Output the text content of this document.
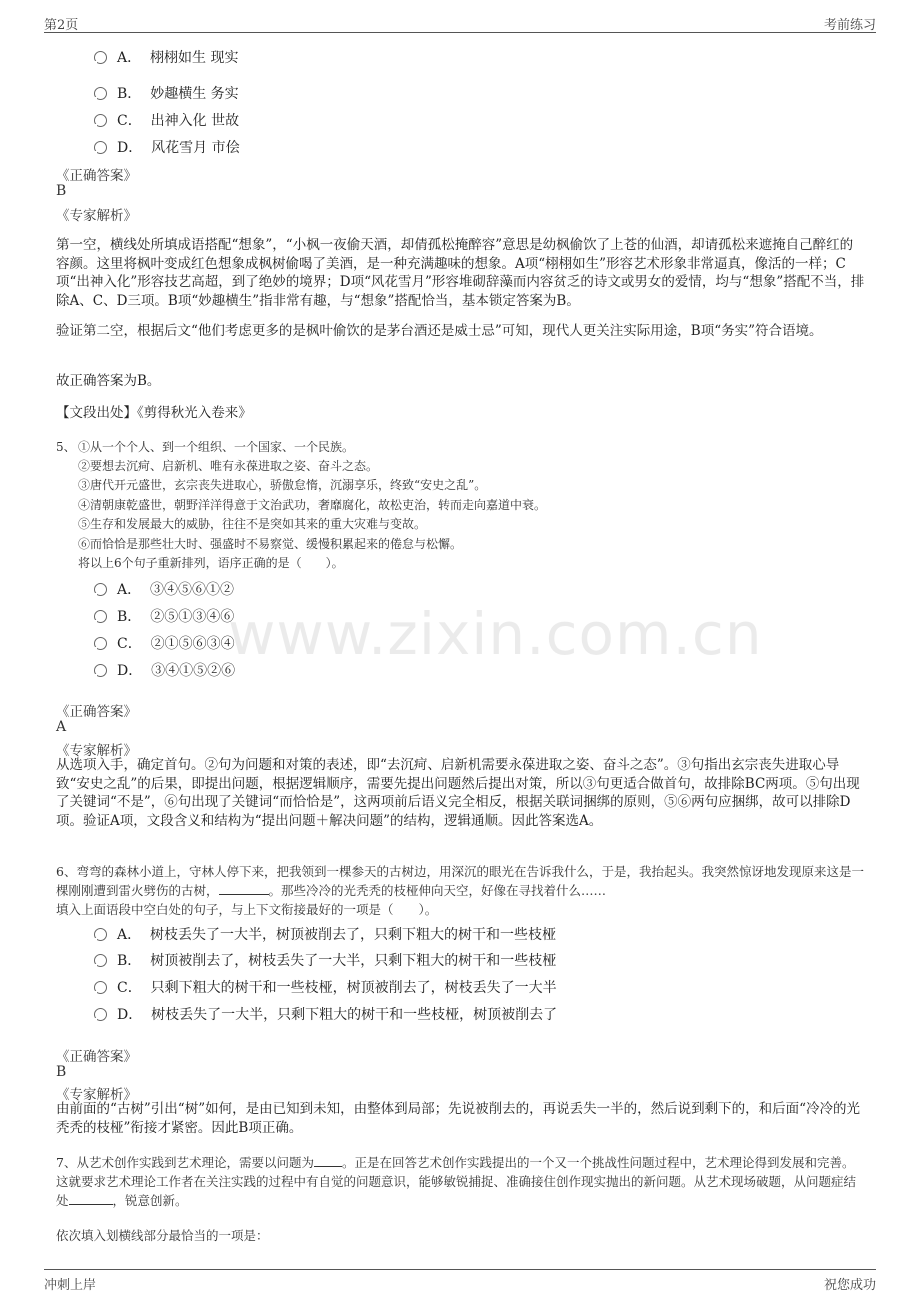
第2页	考前练习
www.zixin.com.cn
A． 栩栩如生 现实
B． 妙趣横生 务实
C． 出神入化 世故
D． 风花雪月 市侩
《正确答案》
B
《专家解析》
第一空，横线处所填成语搭配“想象”，“小枫一夜偷天酒，却倩孤松掩醉容”意思是幼枫偷饮了上苍的仙酒，却请孤松来遮掩自己醉红的容颜。这里将枫叶变成红色想象成枫树偷喝了美酒，是一种充满趣味的想象。A项“栩栩如生”形容艺术形象非常逼真，像活的一样；C项“出神入化”形容技艺高超，到了绝妙的境界；D项“风花雪月”形容堆砌辞藻而内容贫乏的诗文或男女的爱情，均与“想象”搭配不当，排除A、C、D三项。B项“妙趣横生”指非常有趣，与“想象”搭配恰当，基本锁定答案为B。
验证第二空，根据后文“他们考虑更多的是枫叶偷饮的是茅台酒还是威士忌”可知，现代人更关注实际用途，B项“务实”符合语境。
故正确答案为B。
【文段出处】《剪得秋光入卷来》
5、 ①从一个个人、到一个组织、一个国家、一个民族。
②要想去沉疴、启新机、唯有永葆进取之姿、奋斗之态。
③唐代开元盛世，玄宗丧失进取心，骄傲怠惰，沉溺享乐，终致“安史之乱”。
④清朝康乾盛世，朝野洋洋得意于文治武功，奢靡腐化，故松吏治，转而走向嘉道中衰。
⑤生存和发展最大的威胁，往往不是突如其来的重大灾难与变故。
⑥而恰恰是那些壮大时、强盛时不易察觉、缓慢积累起来的倦怠与松懈。
将以上6个句子重新排列，语序正确的是（　　）。
A． ③④⑤⑥①②
B． ②⑤①③④⑥
C． ②①⑤⑥③④
D． ③④①⑤②⑥
《正确答案》
A
《专家解析》
从选项入手，确定首句。②句为问题和对策的表述，即“去沉疴、启新机需要永葆进取之姿、奋斗之态”。③句指出玄宗丧失进取心导致“安史之乱”的后果，即提出问题，根据逻辑顺序，需要先提出问题然后提出对策，所以③句更适合做首句，故排除BC两项。⑤句出现了关键词“不是”，⑥句出现了关键词“而恰恰是”，这两项前后语义完全相反，根据关联词捆绑的原则，⑤⑥两句应捆绑，故可以排除D项。验证A项，文段含义和结构为“提出问题＋解决问题”的结构，逻辑通顺。因此答案选A。
6、弯弯的森林小道上，守林人停下来，把我领到一棵参天的古树边，用深沉的眼光在告诉我什么，于是，我抬起头。我突然惊讶地发现原来这是一棵刚刚遭到雷火劈伤的古树，	。那些冷冷的光秃秃的枝桠伸向天空，好像在寻找着什么……
填入上面语段中空白处的句子，与上下文衔接最好的一项是（　　）。
A． 树枝丢失了一大半，树顶被削去了，只剩下粗大的树干和一些枝桠
B． 树顶被削去了，树枝丢失了一大半，只剩下粗大的树干和一些枝桠
C． 只剩下粗大的树干和一些枝桠，树顶被削去了，树枝丢失了一大半
D． 树枝丢失了一大半，只剩下粗大的树干和一些枝桠，树顶被削去了
《正确答案》
B
《专家解析》
由前面的“古树”引出“树”如何，是由已知到未知，由整体到局部；先说被削去的，再说丢失一半的，然后说到剩下的，和后面“冷冷的光秃秃的枝桠”衔接才紧密。因此B项正确。
7、从艺术创作实践到艺术理论，需要以问题为 。正是在回答艺术创作实践提出的一个又一个挑战性问题过程中，艺术理论得到发展和完善。这就要求艺术理论工作者在关注实践的过程中有自觉的问题意识，能够敏锐捕捉、准确接住创作现实抛出的新问题。从艺术现场破题，从问题症结处	，锐意创新。
依次填入划横线部分最恰当的一项是：
冲刺上岸	祝您成功
